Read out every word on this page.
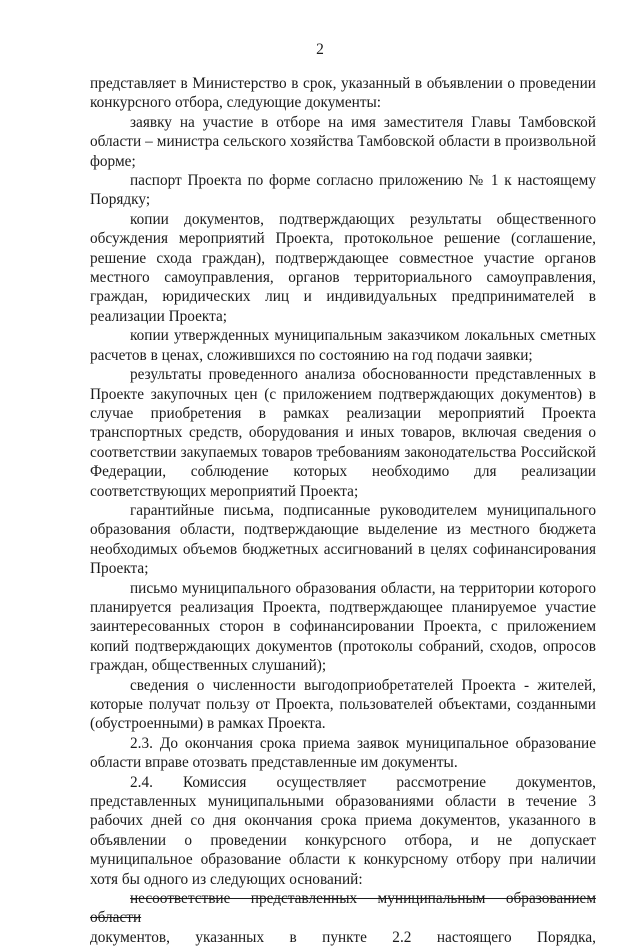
2

представляет в Министерство в срок, указанный в объявлении о проведении конкурсного отбора, следующие документы:

заявку на участие в отборе на имя заместителя Главы Тамбовской области – министра сельского хозяйства Тамбовской области в произвольной форме;

паспорт Проекта по форме согласно приложению № 1 к настоящему Порядку;

копии документов, подтверждающих результаты общественного обсуждения мероприятий Проекта, протокольное решение (соглашение, решение схода граждан), подтверждающее совместное участие органов местного самоуправления, органов территориального самоуправления, граждан, юридических лиц и индивидуальных предпринимателей в реализации Проекта;

копии утвержденных муниципальным заказчиком локальных сметных расчетов в ценах, сложившихся по состоянию на год подачи заявки;

результаты проведенного анализа обоснованности представленных в Проекте закупочных цен (с приложением подтверждающих документов) в случае приобретения в рамках реализации мероприятий Проекта транспортных средств, оборудования и иных товаров, включая сведения о соответствии закупаемых товаров требованиям законодательства Российской Федерации, соблюдение которых необходимо для реализации соответствующих мероприятий Проекта;

гарантийные письма, подписанные руководителем муниципального образования области, подтверждающие выделение из местного бюджета необходимых объемов бюджетных ассигнований в целях софинансирования Проекта;

письмо муниципального образования области, на территории которого планируется реализация Проекта, подтверждающее планируемое участие заинтересованных сторон в софинансировании Проекта, с приложением копий подтверждающих документов (протоколы собраний, сходов, опросов граждан, общественных слушаний);

сведения о численности выгодоприобретателей Проекта - жителей, которые получат пользу от Проекта, пользователей объектами, созданными (обустроенными) в рамках Проекта.

2.3. До окончания срока приема заявок муниципальное образование области вправе отозвать представленные им документы.

2.4. Комиссия осуществляет рассмотрение документов, представленных муниципальными образованиями области в течение 3 рабочих дней со дня окончания срока приема документов, указанного в объявлении о проведении конкурсного отбора, и не допускает муниципальное образование области к конкурсному отбору при наличии хотя бы одного из следующих оснований:

несоответствие представленных муниципальным образованием области

документов, указанных в пункте 2.2 настоящего Порядка,
